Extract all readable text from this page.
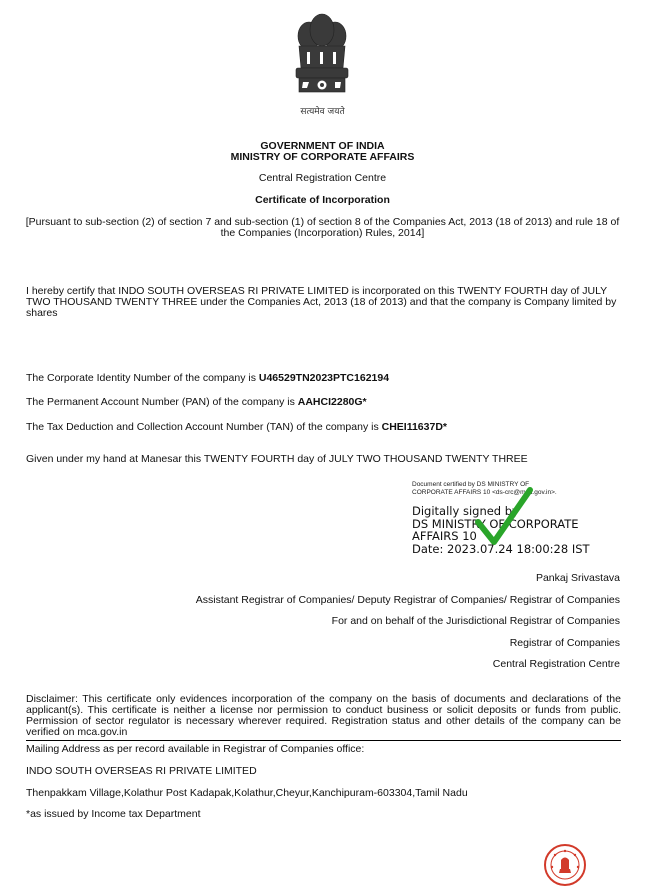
सत्यमेव जयते
GOVERNMENT OF INDIA
MINISTRY OF CORPORATE AFFAIRS
Central Registration Centre
Certificate of Incorporation
[Pursuant to sub-section (2) of section 7 and sub-section (1) of section 8 of the Companies Act, 2013 (18 of 2013) and rule 18 of the Companies (Incorporation) Rules, 2014]
I hereby certify that INDO SOUTH OVERSEAS RI PRIVATE LIMITED is incorporated on this TWENTY FOURTH day of JULY TWO THOUSAND TWENTY THREE under the Companies Act, 2013 (18 of 2013) and that the company is Company limited by shares
The Corporate Identity Number of the company is U46529TN2023PTC162194
The Permanent Account Number (PAN) of the company is AAHCI2280G*
The Tax Deduction and Collection Account Number (TAN) of the company is CHEI11637D*
Given under my hand at Manesar this TWENTY FOURTH day of JULY TWO THOUSAND TWENTY THREE
Document certified by DS MINISTRY OF
CORPORATE AFFAIRS 10 <ds-crc@mca.gov.in>.
Digitally signed by
DS MINISTRY OF CORPORATE
AFFAIRS 10
Date: 2023.07.24 18:00:28 IST
Pankaj Srivastava
Assistant Registrar of Companies/ Deputy Registrar of Companies/ Registrar of Companies
For and on behalf of the Jurisdictional Registrar of Companies
Registrar of Companies
Central Registration Centre
Disclaimer: This certificate only evidences incorporation of the company on the basis of documents and declarations of the applicant(s). This certificate is neither a license nor permission to conduct business or solicit deposits or funds from public. Permission of sector regulator is necessary wherever required. Registration status and other details of the company can be verified on mca.gov.in
Mailing Address as per record available in Registrar of Companies office:
INDO SOUTH OVERSEAS RI PRIVATE LIMITED
Thenpakkam Village,Kolathur Post Kadapak,Kolathur,Cheyur,Kanchipuram-603304,Tamil Nadu
*as issued by Income tax Department
